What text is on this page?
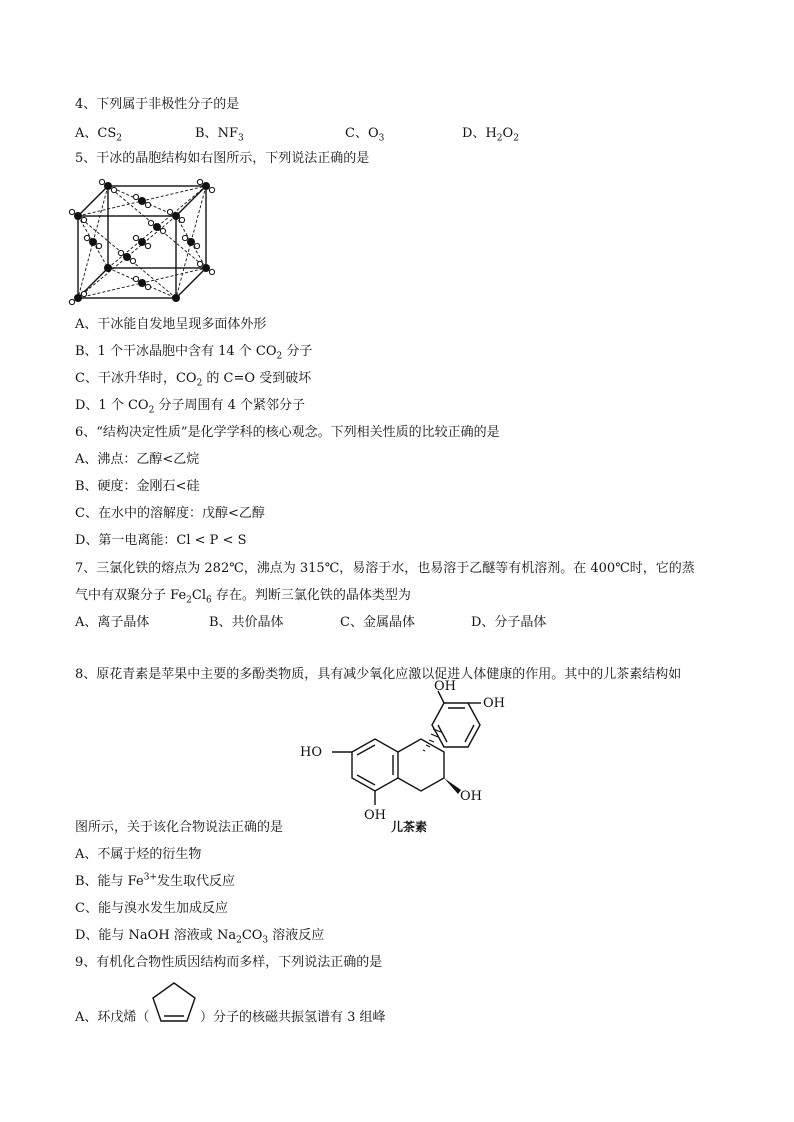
4、下列属于非极性分子的是
A、$CS_2$	B、$NF_3$	C、$O_3$	D、$H_2O_2$
5、干冰的晶胞结构如右图所示，下列说法正确的是
A、干冰能自发地呈现多面体外形
B、1 个干冰晶胞中含有 14 个 $CO_2$ 分子
C、干冰升华时，$CO_2$ 的 C=O 受到破坏
D、1 个 $CO_2$ 分子周围有 4 个紧邻分子
6、“结构决定性质”是化学学科的核心观念。下列相关性质的比较正确的是
A、沸点：乙醇<乙烷
B、硬度：金刚石<硅
C、在水中的溶解度：戊醇<乙醇
D、第一电离能：Cl < P < S
7、三氯化铁的熔点为 282℃，沸点为 315℃，易溶于水，也易溶于乙醚等有机溶剂。在 400℃时，它的蒸
气中有双聚分子 $Fe_2Cl_6$ 存在。判断三氯化铁的晶体类型为
A、离子晶体	B、共价晶体	C、金属晶体	D、分子晶体
8、原花青素是苹果中主要的多酚类物质，具有减少氧化应激以促进人体健康的作用。其中的儿茶素结构如
OH
OH
HO
OH
OH
儿茶素
图所示，关于该化合物说法正确的是
A、不属于烃的衍生物
B、能与 $Fe^{3+}$发生取代反应
C、能与溴水发生加成反应
D、能与 NaOH 溶液或 $Na_2CO_3$ 溶液反应
9、有机化合物性质因结构而多样，下列说法正确的是
A、环戊烯（	）分子的核磁共振氢谱有 3 组峰
